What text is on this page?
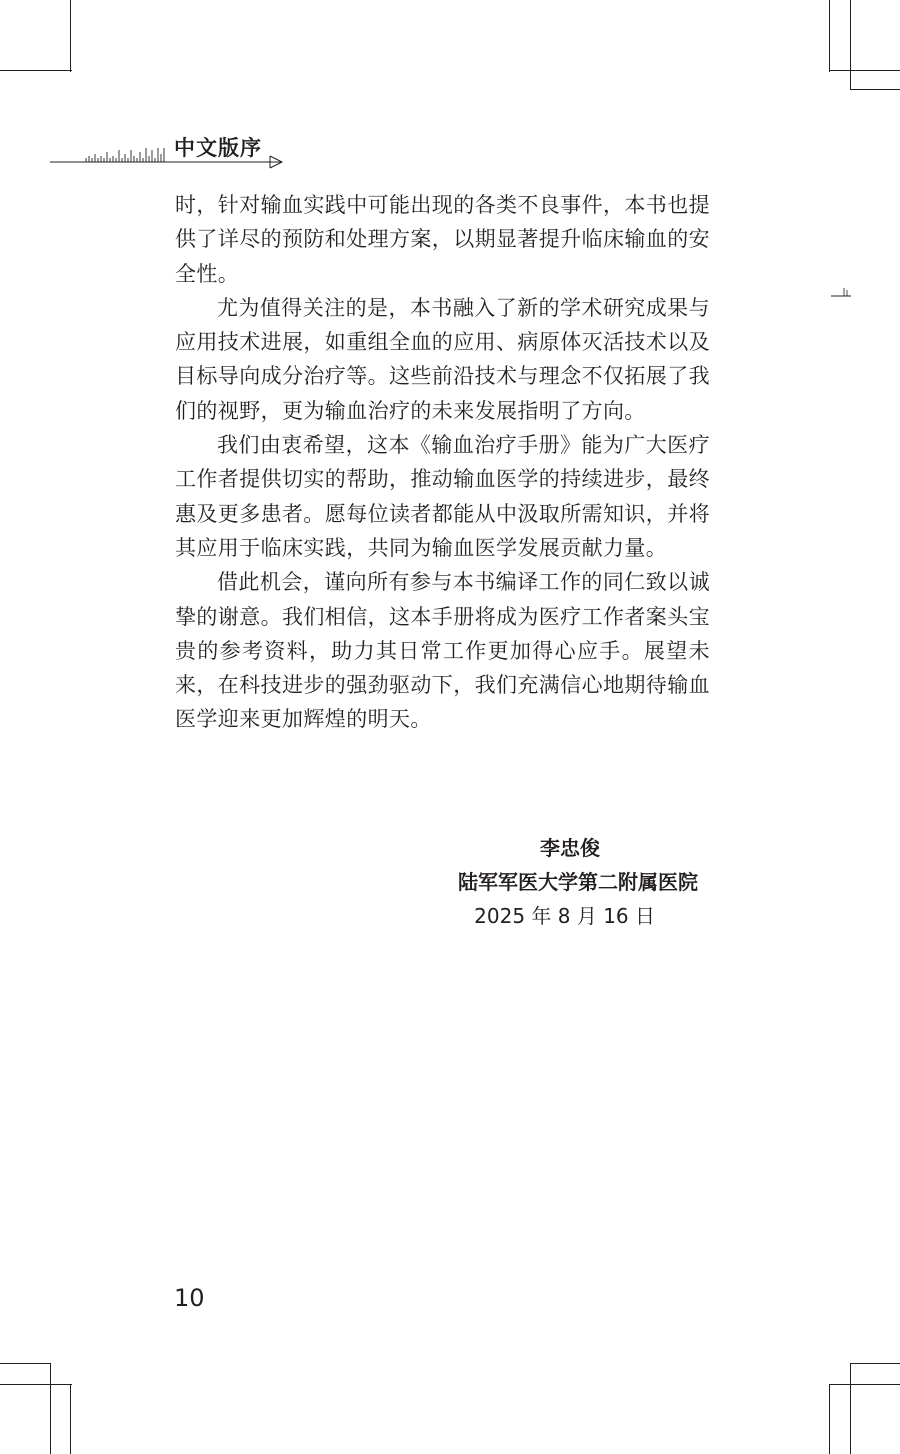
中文版序

时，针对输血实践中可能出现的各类不良事件，本书也提供了详尽的预防和处理方案，以期显著提升临床输血的安全性。

尤为值得关注的是，本书融入了新的学术研究成果与应用技术进展，如重组全血的应用、病原体灭活技术以及目标导向成分治疗等。这些前沿技术与理念不仅拓展了我们的视野，更为输血治疗的未来发展指明了方向。

我们由衷希望，这本《输血治疗手册》能为广大医疗工作者提供切实的帮助，推动输血医学的持续进步，最终惠及更多患者。愿每位读者都能从中汲取所需知识，并将其应用于临床实践，共同为输血医学发展贡献力量。

借此机会，谨向所有参与本书编译工作的同仁致以诚挚的谢意。我们相信，这本手册将成为医疗工作者案头宝贵的参考资料，助力其日常工作更加得心应手。展望未来，在科技进步的强劲驱动下，我们充满信心地期待输血医学迎来更加辉煌的明天。

李忠俊
陆军军医大学第二附属医院
2025 年 8 月 16 日
10
